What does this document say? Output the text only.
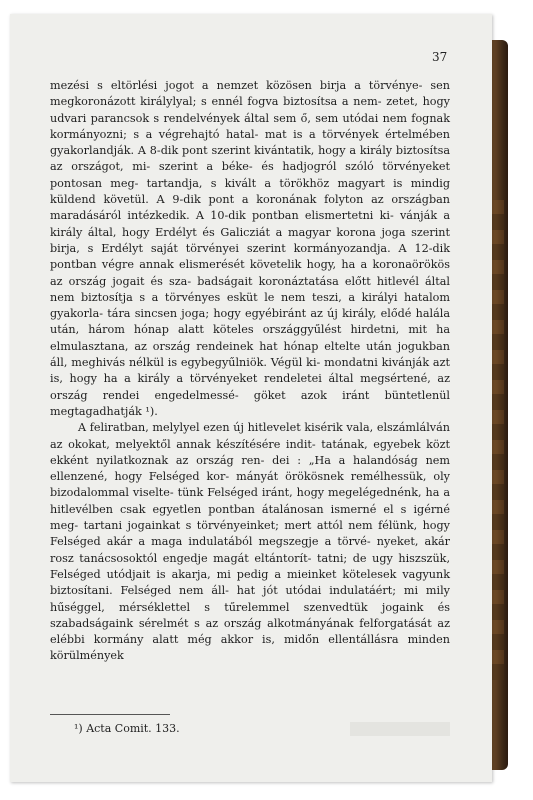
37

mezési s eltörlési jogot a nemzet közösen birja a törvénye- sen megkoronázott királylyal; s ennél fogva biztosítsa a nem- zetet, hogy udvari parancsok s rendelvények által sem ő, sem utódai nem fognak kormányozni; s a végrehajtó hatal- mat is a törvények értelmében gyakorlandják. A 8-dik pont szerint kivántatik, hogy a király biztosítsa az országot, mi- szerint a béke- és hadjogról szóló törvényeket pontosan meg- tartandja, s kivált a törökhöz magyart is mindig küldend követül. A 9-dik pont a koronának folyton az országban maradásáról intézkedik. A 10-dik pontban elismertetni ki- vánják a király által, hogy Erdélyt és Galicziát a magyar korona joga szerint birja, s Erdélyt saját törvényei szerint kormányozandja. A 12-dik pontban végre annak elismerését követelik hogy, ha a koronaörökös az ország jogait és sza- badságait koronáztatása előtt hitlevél által nem biztosítja s a törvényes esküt le nem teszi, a királyi hatalom gyakorla- tára sincsen joga; hogy egyébiránt az új király, elődé halála után, három hónap alatt köteles országgyűlést hirdetni, mit ha elmulasztana, az ország rendeinek hat hónap eltelte után jogukban áll, meghivás nélkül is egybegyűlniök. Végül ki- mondatni kivánják azt is, hogy ha a király a törvényeket rendeletei által megsértené, az ország rendei engedelmessé- göket azok iránt büntetlenül megtagadhatják ¹).

A feliratban, melylyel ezen új hitlevelet kisérik vala, elszámlálván az okokat, melyektől annak készítésére indit- tatának, egyebek közt ekként nyilatkoznak az ország ren- dei : „Ha a halandóság nem ellenzené, hogy Felséged kor- mányát örökösnek remélhessük, oly bizodalommal viselte- tünk Felséged iránt, hogy megelégednénk, ha a hitlevélben csak egyetlen pontban átalánosan ismerné el s igérné meg- tartani jogainkat s törvényeinket; mert attól nem félünk, hogy Felséged akár a maga indulatából megszegje a törvé- nyeket, akár rosz tanácsosoktól engedje magát eltántorít- tatni; de ugy hiszszük, Felséged utódjait is akarja, mi pedig a mieinket kötelesek vagyunk biztosítani. Felséged nem áll- hat jót utódai indulatáért; mi mily hűséggel, mérséklettel s tűrelemmel szenvedtük jogaink és szabadságaink sérelmét s az ország alkotmányának felforgatását az elébbi kormány alatt még akkor is, midőn ellentállásra minden körülmények

¹) Acta Comit. 133.
